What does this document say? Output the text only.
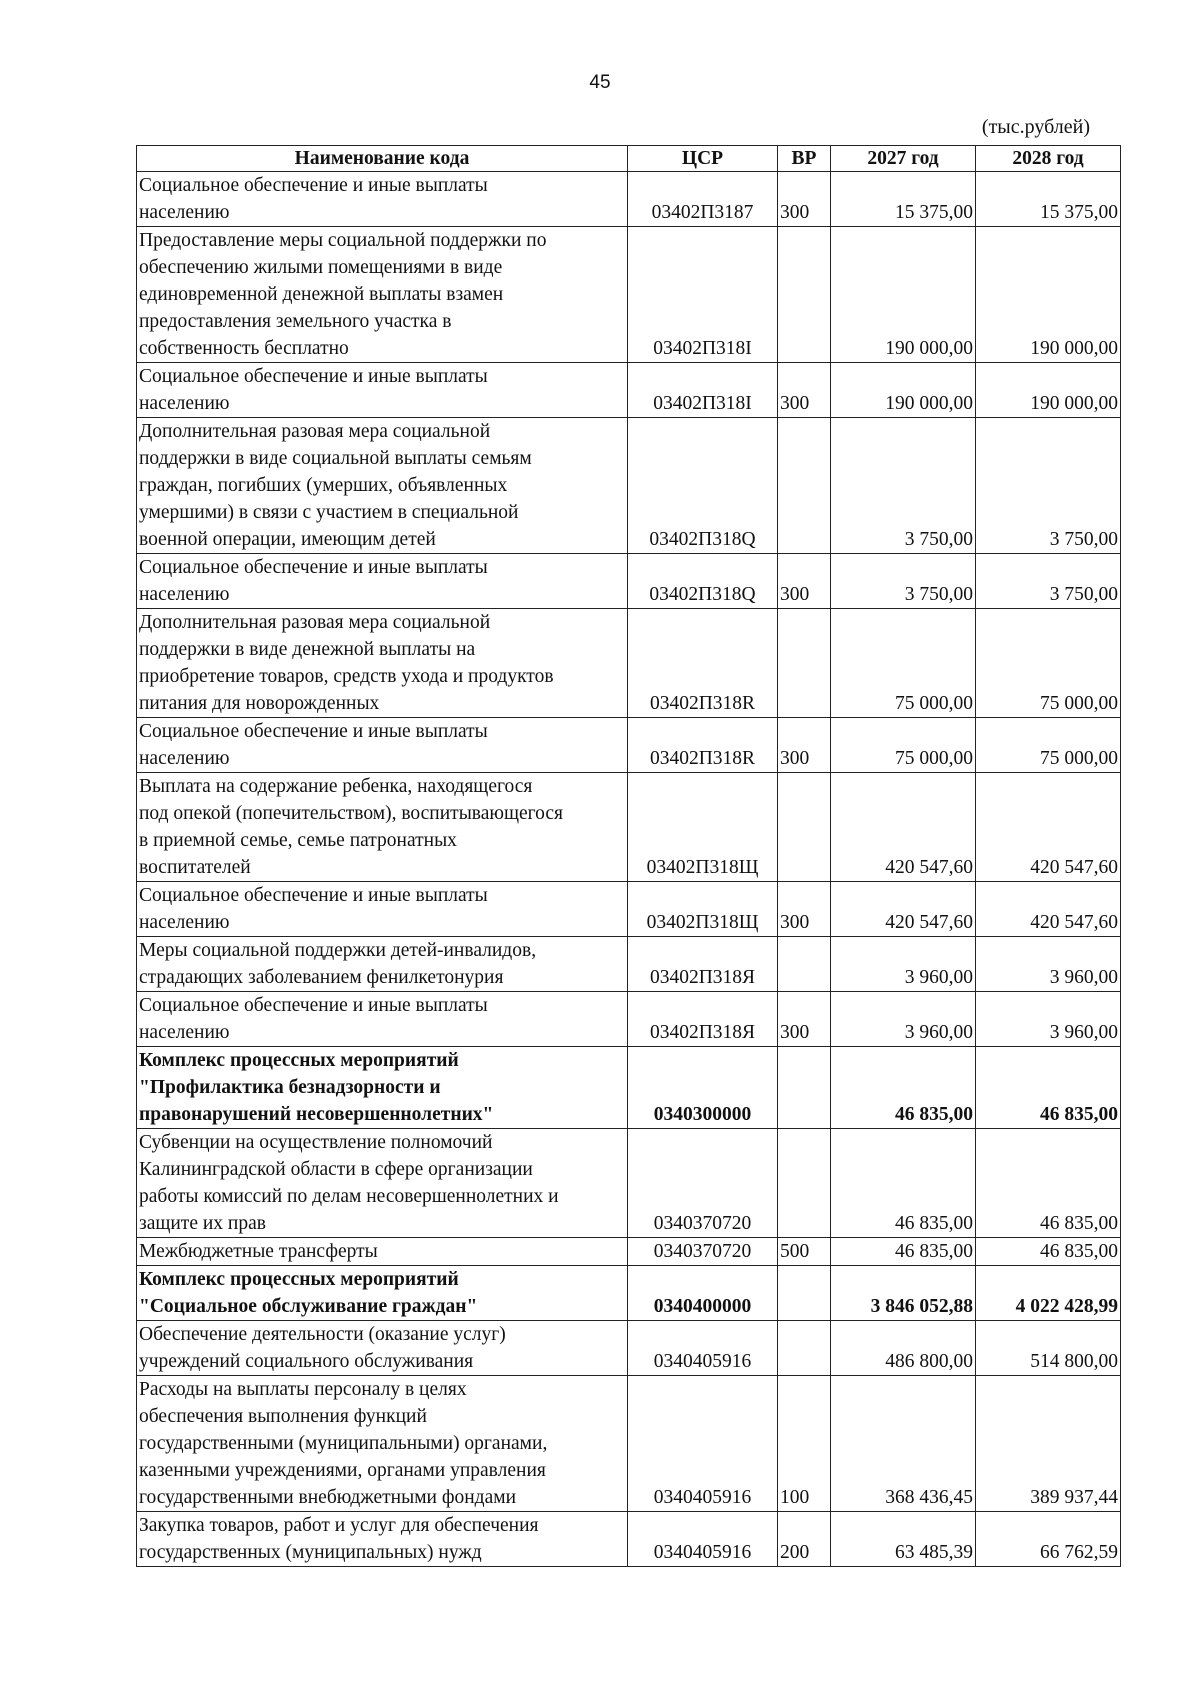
45
(тыс.рублей)
Наименование кода	ЦСР	ВР	2027 год	2028 год
Социальное обеспечение и иные выплаты
населению	03402П3187	300	15 375,00	15 375,00
Предоставление меры социальной поддержки по
обеспечению жилыми помещениями в виде
единовременной денежной выплаты взамен
предоставления земельного участка в
собственность бесплатно	03402П318I		190 000,00	190 000,00
Социальное обеспечение и иные выплаты
населению	03402П318I	300	190 000,00	190 000,00
Дополнительная разовая мера социальной
поддержки в виде социальной выплаты семьям
граждан, погибших (умерших, объявленных
умершими) в связи с участием в специальной
военной операции, имеющим детей	03402П318Q		3 750,00	3 750,00
Социальное обеспечение и иные выплаты
населению	03402П318Q	300	3 750,00	3 750,00
Дополнительная разовая мера социальной
поддержки в виде денежной выплаты на
приобретение товаров, средств ухода и продуктов
питания для новорожденных	03402П318R		75 000,00	75 000,00
Социальное обеспечение и иные выплаты
населению	03402П318R	300	75 000,00	75 000,00
Выплата на содержание ребенка, находящегося
под опекой (попечительством), воспитывающегося
в приемной семье, семье патронатных
воспитателей	03402П318Щ		420 547,60	420 547,60
Социальное обеспечение и иные выплаты
населению	03402П318Щ	300	420 547,60	420 547,60
Меры социальной поддержки детей-инвалидов,
страдающих заболеванием фенилкетонурия	03402П318Я		3 960,00	3 960,00
Социальное обеспечение и иные выплаты
населению	03402П318Я	300	3 960,00	3 960,00
Комплекс процессных мероприятий
"Профилактика безнадзорности и
правонарушений несовершеннолетних"	0340300000		46 835,00	46 835,00
Субвенции на осуществление полномочий
Калининградской области в сфере организации
работы комиссий по делам несовершеннолетних и
защите их прав	0340370720		46 835,00	46 835,00
Межбюджетные трансферты	0340370720	500	46 835,00	46 835,00
Комплекс процессных мероприятий
"Социальное обслуживание граждан"	0340400000		3 846 052,88	4 022 428,99
Обеспечение деятельности (оказание услуг)
учреждений социального обслуживания	0340405916		486 800,00	514 800,00
Расходы на выплаты персоналу в целях
обеспечения выполнения функций
государственными (муниципальными) органами,
казенными учреждениями, органами управления
государственными внебюджетными фондами	0340405916	100	368 436,45	389 937,44
Закупка товаров, работ и услуг для обеспечения
государственных (муниципальных) нужд	0340405916	200	63 485,39	66 762,59
